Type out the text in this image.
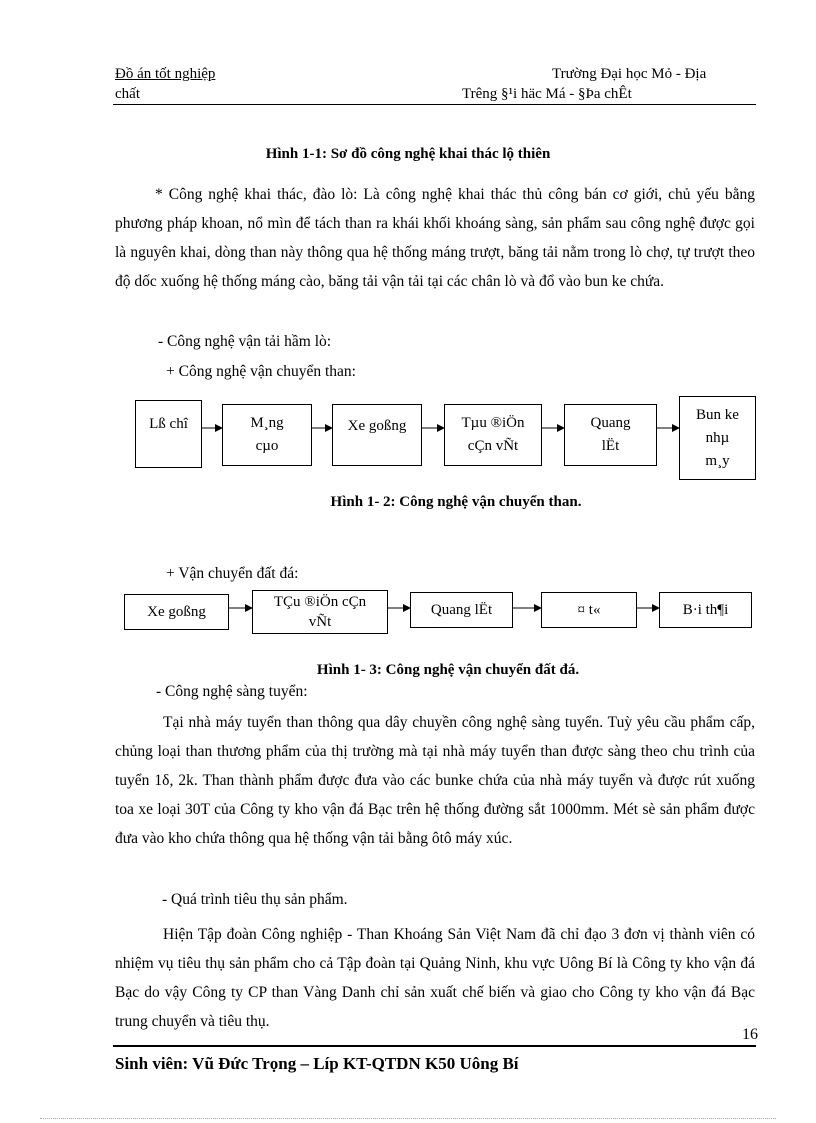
Đồ án tốt nghiệp	Trường Đại học Mỏ - Địa
chất	Trêng §¹i häc Má - §Þa chÊt
Hình 1-1: Sơ đồ công nghệ khai thác lộ thiên
* Công nghệ khai thác, đào lò: Là công nghệ khai thác thủ công bán cơ giới, chủ yếu bằng phương pháp khoan, nổ mìn để tách than ra khái khối khoáng sàng, sản phẩm sau công nghệ được gọi là nguyên khai, dòng than này thông qua hệ thống máng trượt, băng tải nằm trong lò chợ, tự trượt theo độ dốc xuống hệ thống máng cào, băng tải vận tải tại các chân lò và đổ vào bun ke chứa.
- Công nghệ vận tải hầm lò:
+ Công nghệ vận chuyển than:
Lß chî	M¸ng
cµo
Xe goßng	Tµu ®iÖn
cÇn vÑt
Quang
lËt
Bun ke
nhµ
m¸y
Hình 1- 2: Công nghệ vận chuyển than.
+ Vận chuyển đất đá:
Xe goßng
TÇu ®iÖn cÇn
vÑt
Quang lËt	¤ t«	B·i th¶i
Hình 1- 3: Công nghệ vận chuyển đất đá.
- Công nghệ sàng tuyển:
Tại nhà máy tuyển than thông qua dây chuyền công nghệ sàng tuyển. Tuỳ yêu cầu phẩm cấp, chủng loại than thương phẩm của thị trường mà tại nhà máy tuyển than được sàng theo chu trình của tuyển 1δ, 2k. Than thành phẩm được đưa vào các bunke chứa của nhà máy tuyển và được rút xuống toa xe loại 30T của Công ty kho vận đá Bạc trên hệ thống đường sắt 1000mm. Mét sè sản phẩm được đưa vào kho chứa thông qua hệ thống vận tải bằng ôtô máy xúc.
- Quá trình tiêu thụ sản phẩm.
Hiện Tập đoàn Công nghiệp - Than Khoáng Sản Việt Nam đã chỉ đạo 3 đơn vị thành viên có nhiệm vụ tiêu thụ sản phẩm cho cả Tập đoàn tại Quảng Ninh, khu vực Uông Bí là Công ty kho vận đá Bạc do vậy Công ty CP than Vàng Danh chỉ sản xuất chế biến và giao cho Công ty kho vận đá Bạc trung chuyển và tiêu thụ.
Sinh viên: Vũ Đức Trọng – Líp KT-QTDN K50 Uông Bí
16
